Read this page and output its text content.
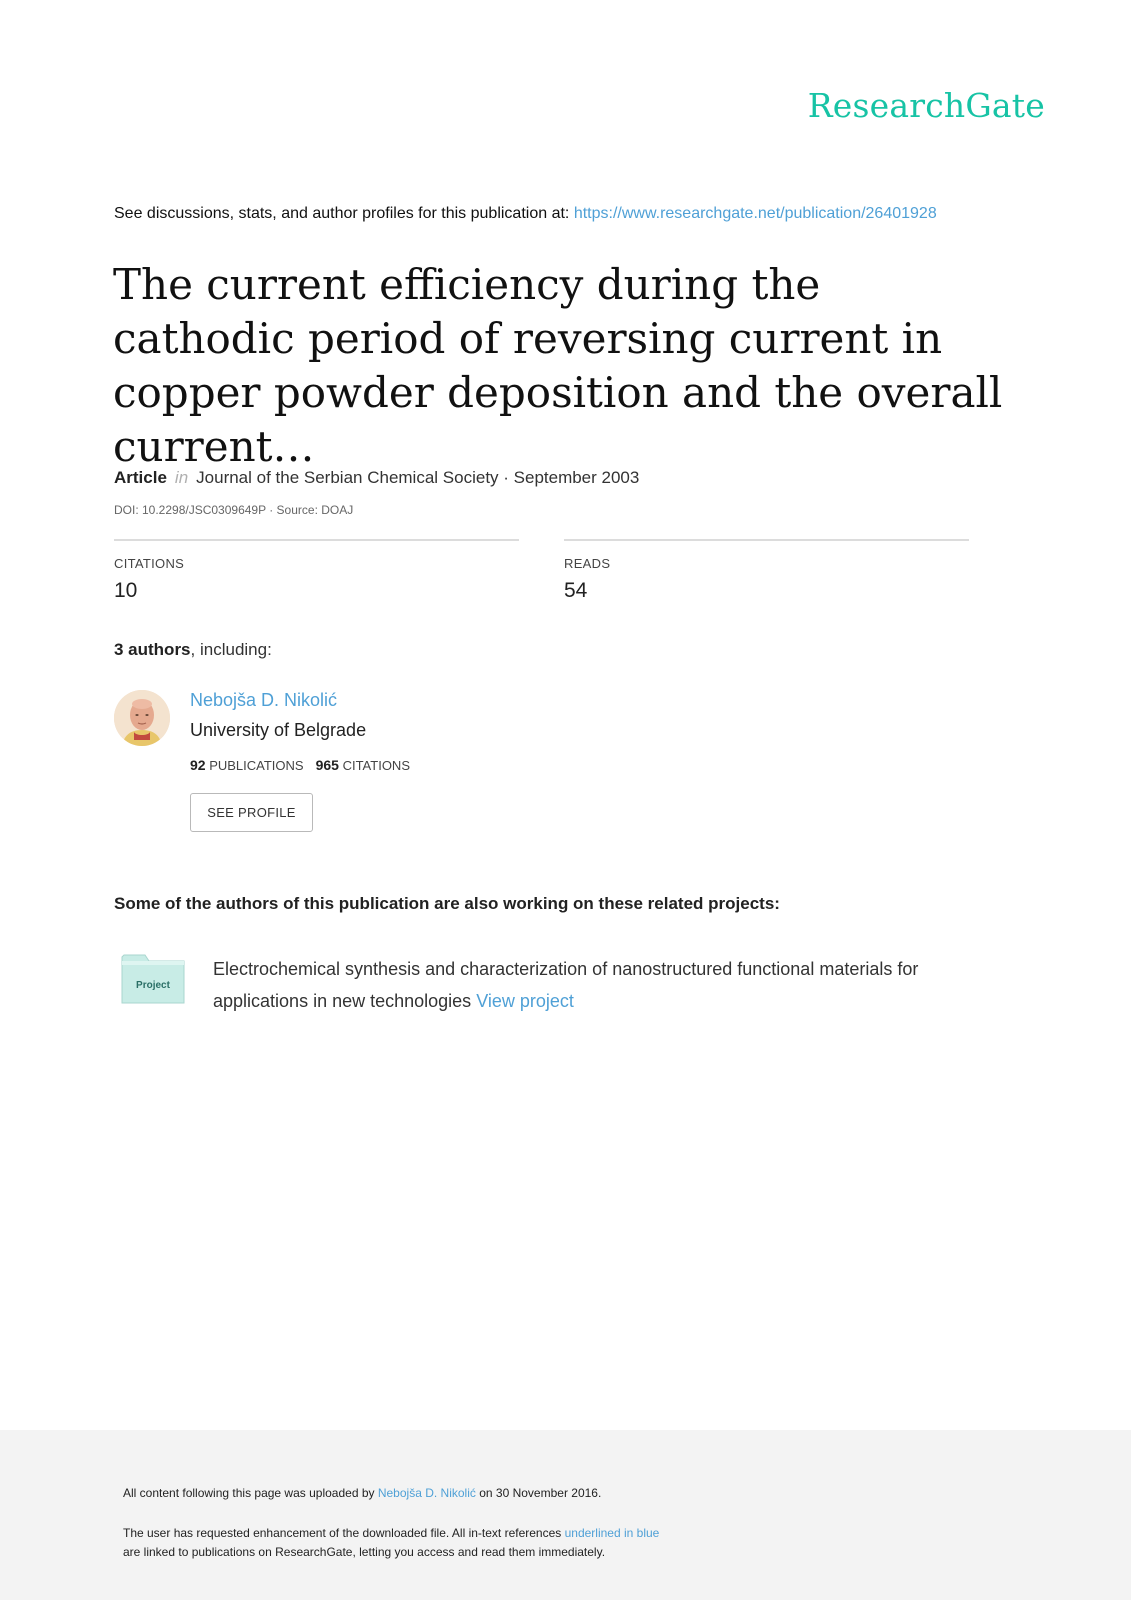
ResearchGate
See discussions, stats, and author profiles for this publication at: https://www.researchgate.net/publication/26401928
The current efficiency during the cathodic period of reversing current in copper powder deposition and the overall current…
Article in Journal of the Serbian Chemical Society · September 2003
DOI: 10.2298/JSC0309649P · Source: DOAJ
CITATIONS
10
READS
54
3 authors, including:
Nebojša D. Nikolić
University of Belgrade
92 PUBLICATIONS 965 CITATIONS
SEE PROFILE
Some of the authors of this publication are also working on these related projects:
Project
Electrochemical synthesis and characterization of nanostructured functional materials for applications in new technologies View project
All content following this page was uploaded by Nebojša D. Nikolić on 30 November 2016.
The user has requested enhancement of the downloaded file. All in-text references underlined in blue
are linked to publications on ResearchGate, letting you access and read them immediately.
